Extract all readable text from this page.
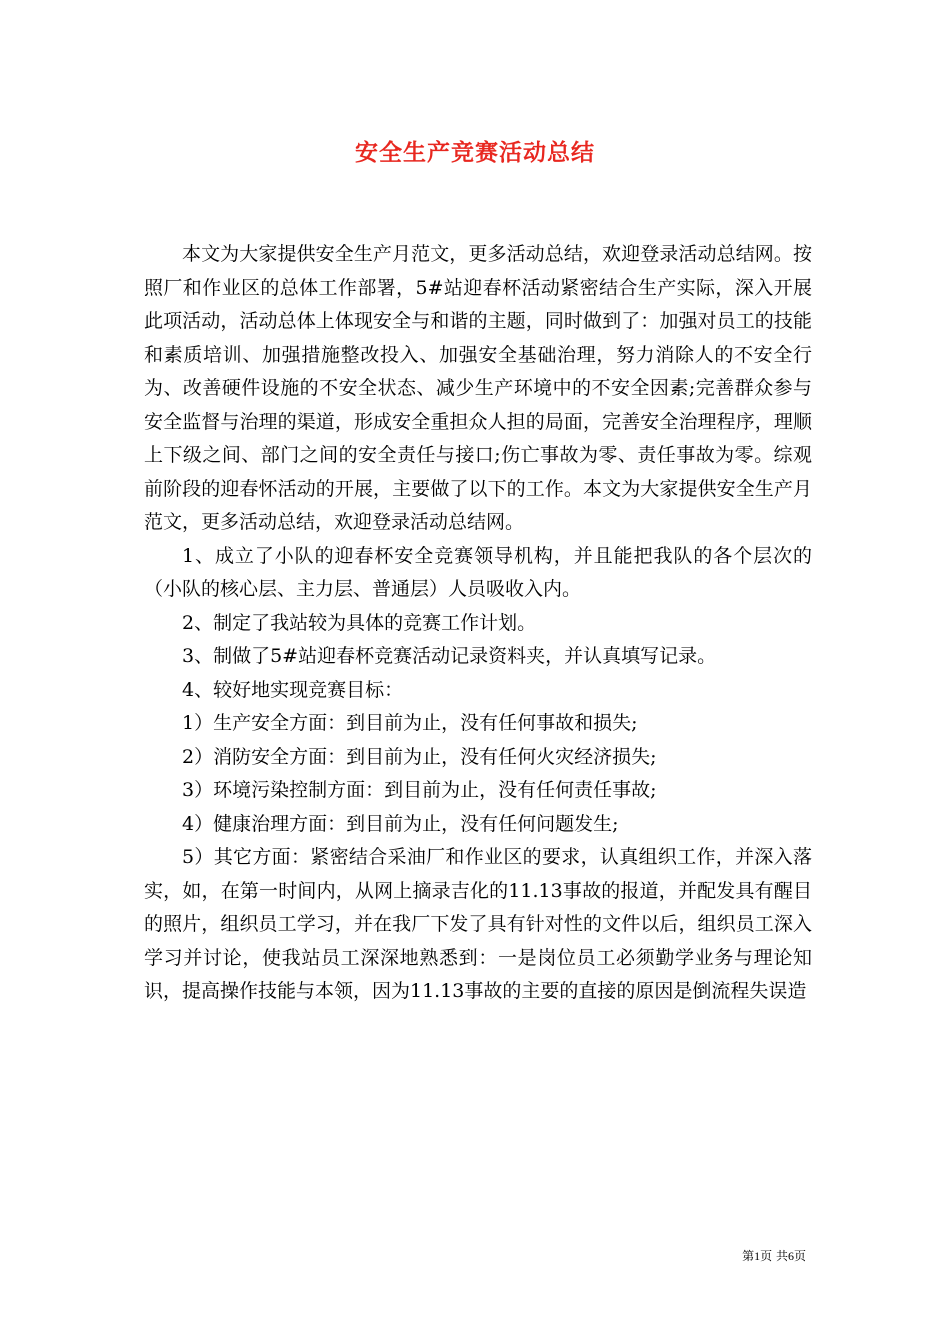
安全生产竞赛活动总结

本文为大家提供安全生产月范文，更多活动总结，欢迎登录活动总结网。按照厂和作业区的总体工作部署，5#站迎春杯活动紧密结合生产实际，深入开展此项活动，活动总体上体现安全与和谐的主题，同时做到了：加强对员工的技能和素质培训、加强措施整改投入、加强安全基础治理，努力消除人的不安全行为、改善硬件设施的不安全状态、减少生产环境中的不安全因素;完善群众参与安全监督与治理的渠道，形成安全重担众人担的局面，完善安全治理程序，理顺上下级之间、部门之间的安全责任与接口;伤亡事故为零、责任事故为零。综观前阶段的迎春怀活动的开展，主要做了以下的工作。本文为大家提供安全生产月范文，更多活动总结，欢迎登录活动总结网。

1、成立了小队的迎春杯安全竞赛领导机构，并且能把我队的各个层次的（小队的核心层、主力层、普通层）人员吸收入内。

2、制定了我站较为具体的竞赛工作计划。

3、制做了5#站迎春杯竞赛活动记录资料夹，并认真填写记录。

4、较好地实现竞赛目标：

1）生产安全方面：到目前为止，没有任何事故和损失;

2）消防安全方面：到目前为止，没有任何火灾经济损失;

3）环境污染控制方面：到目前为止，没有任何责任事故;

4）健康治理方面：到目前为止，没有任何问题发生;

5）其它方面：紧密结合采油厂和作业区的要求，认真组织工作，并深入落实，如，在第一时间内，从网上摘录吉化的11.13事故的报道，并配发具有醒目的照片，组织员工学习，并在我厂下发了具有针对性的文件以后，组织员工深入学习并讨论，使我站员工深深地熟悉到：一是岗位员工必须勤学业务与理论知识，提高操作技能与本领，因为11.13事故的主要的直接的原因是倒流程失误造

第1页 共6页
